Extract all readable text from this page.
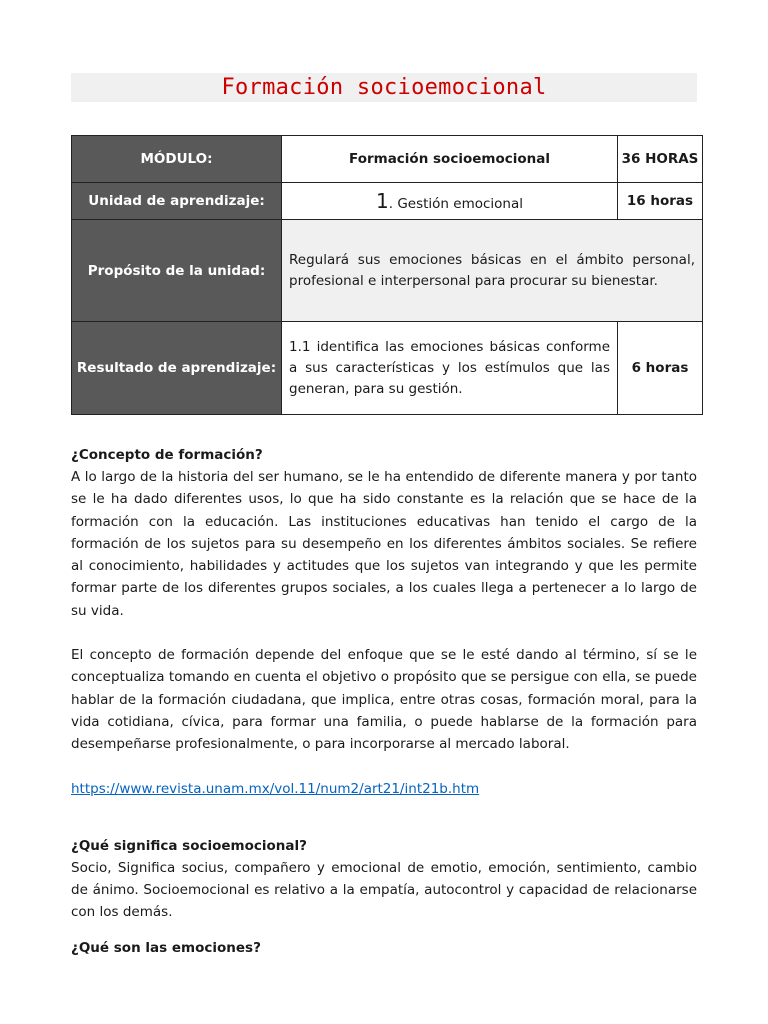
Formación socioemocional
MÓDULO:	Formación socioemocional	36 HORAS
Unidad de aprendizaje:	1. Gestión emocional	16 horas
Propósito de la unidad:	Regulará sus emociones básicas en el ámbito personal, profesional e interpersonal para procurar su bienestar.	
Resultado de aprendizaje:	1.1 identifica las emociones básicas conforme a sus características y los estímulos que las generan, para su gestión.	6 horas
¿Concepto de formación?

A lo largo de la historia del ser humano, se le ha entendido de diferente manera y por tanto se le ha dado diferentes usos, lo que ha sido constante es la relación que se hace de la formación con la educación. Las instituciones educativas han tenido el cargo de la formación de los sujetos para su desempeño en los diferentes ámbitos sociales. Se refiere al conocimiento, habilidades y actitudes que los sujetos van integrando y que les permite formar parte de los diferentes grupos sociales, a los cuales llega a pertenecer a lo largo de su vida.

El concepto de formación depende del enfoque que se le esté dando al término, sí se le conceptualiza tomando en cuenta el objetivo o propósito que se persigue con ella, se puede hablar de la formación ciudadana, que implica, entre otras cosas, formación moral, para la vida cotidiana, cívica, para formar una familia, o puede hablarse de la formación para desempeñarse profesionalmente, o para incorporarse al mercado laboral.

https://www.revista.unam.mx/vol.11/num2/art21/int21b.htm
¿Qué significa socioemocional?

Socio, Significa socius, compañero y emocional de emotio, emoción, sentimiento, cambio de ánimo. Socioemocional es relativo a la empatía, autocontrol y capacidad de relacionarse con los demás.

¿Qué son las emociones?
